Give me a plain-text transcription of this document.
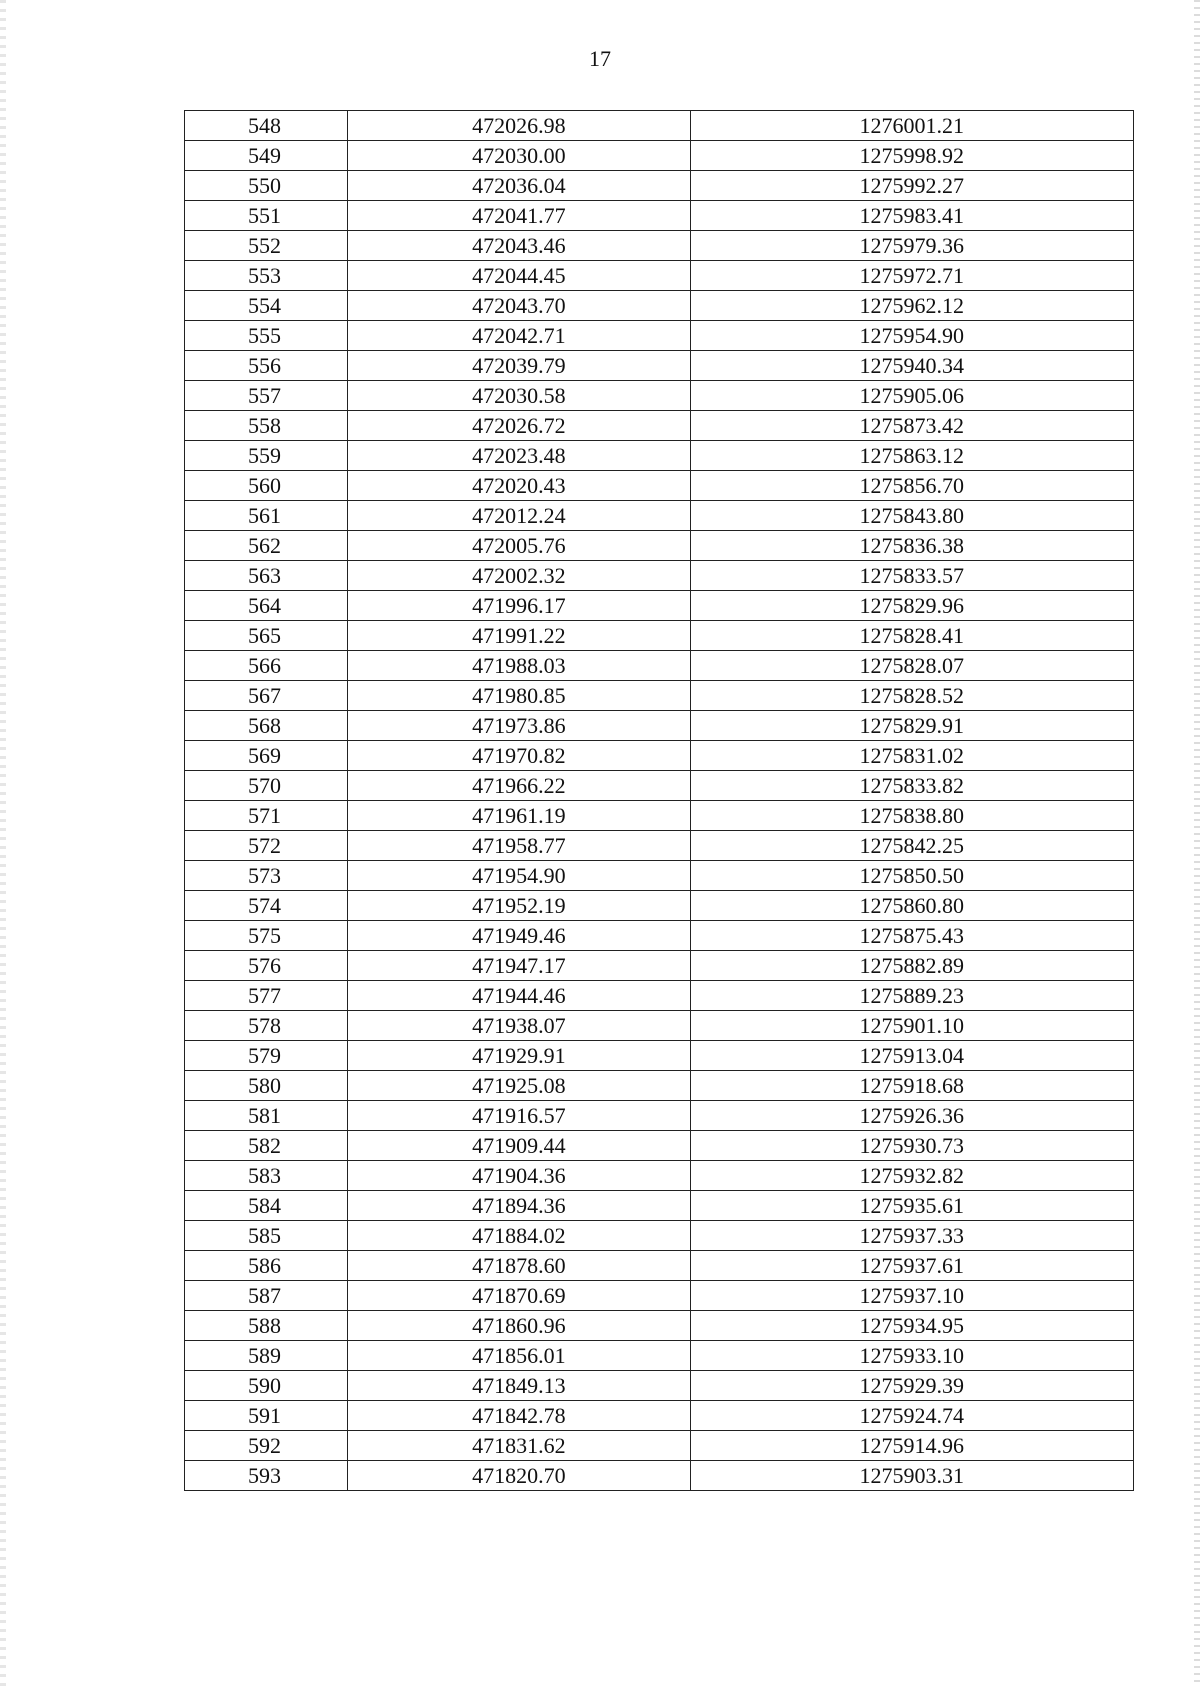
17
548	472026.98	1276001.21
549	472030.00	1275998.92
550	472036.04	1275992.27
551	472041.77	1275983.41
552	472043.46	1275979.36
553	472044.45	1275972.71
554	472043.70	1275962.12
555	472042.71	1275954.90
556	472039.79	1275940.34
557	472030.58	1275905.06
558	472026.72	1275873.42
559	472023.48	1275863.12
560	472020.43	1275856.70
561	472012.24	1275843.80
562	472005.76	1275836.38
563	472002.32	1275833.57
564	471996.17	1275829.96
565	471991.22	1275828.41
566	471988.03	1275828.07
567	471980.85	1275828.52
568	471973.86	1275829.91
569	471970.82	1275831.02
570	471966.22	1275833.82
571	471961.19	1275838.80
572	471958.77	1275842.25
573	471954.90	1275850.50
574	471952.19	1275860.80
575	471949.46	1275875.43
576	471947.17	1275882.89
577	471944.46	1275889.23
578	471938.07	1275901.10
579	471929.91	1275913.04
580	471925.08	1275918.68
581	471916.57	1275926.36
582	471909.44	1275930.73
583	471904.36	1275932.82
584	471894.36	1275935.61
585	471884.02	1275937.33
586	471878.60	1275937.61
587	471870.69	1275937.10
588	471860.96	1275934.95
589	471856.01	1275933.10
590	471849.13	1275929.39
591	471842.78	1275924.74
592	471831.62	1275914.96
593	471820.70	1275903.31
